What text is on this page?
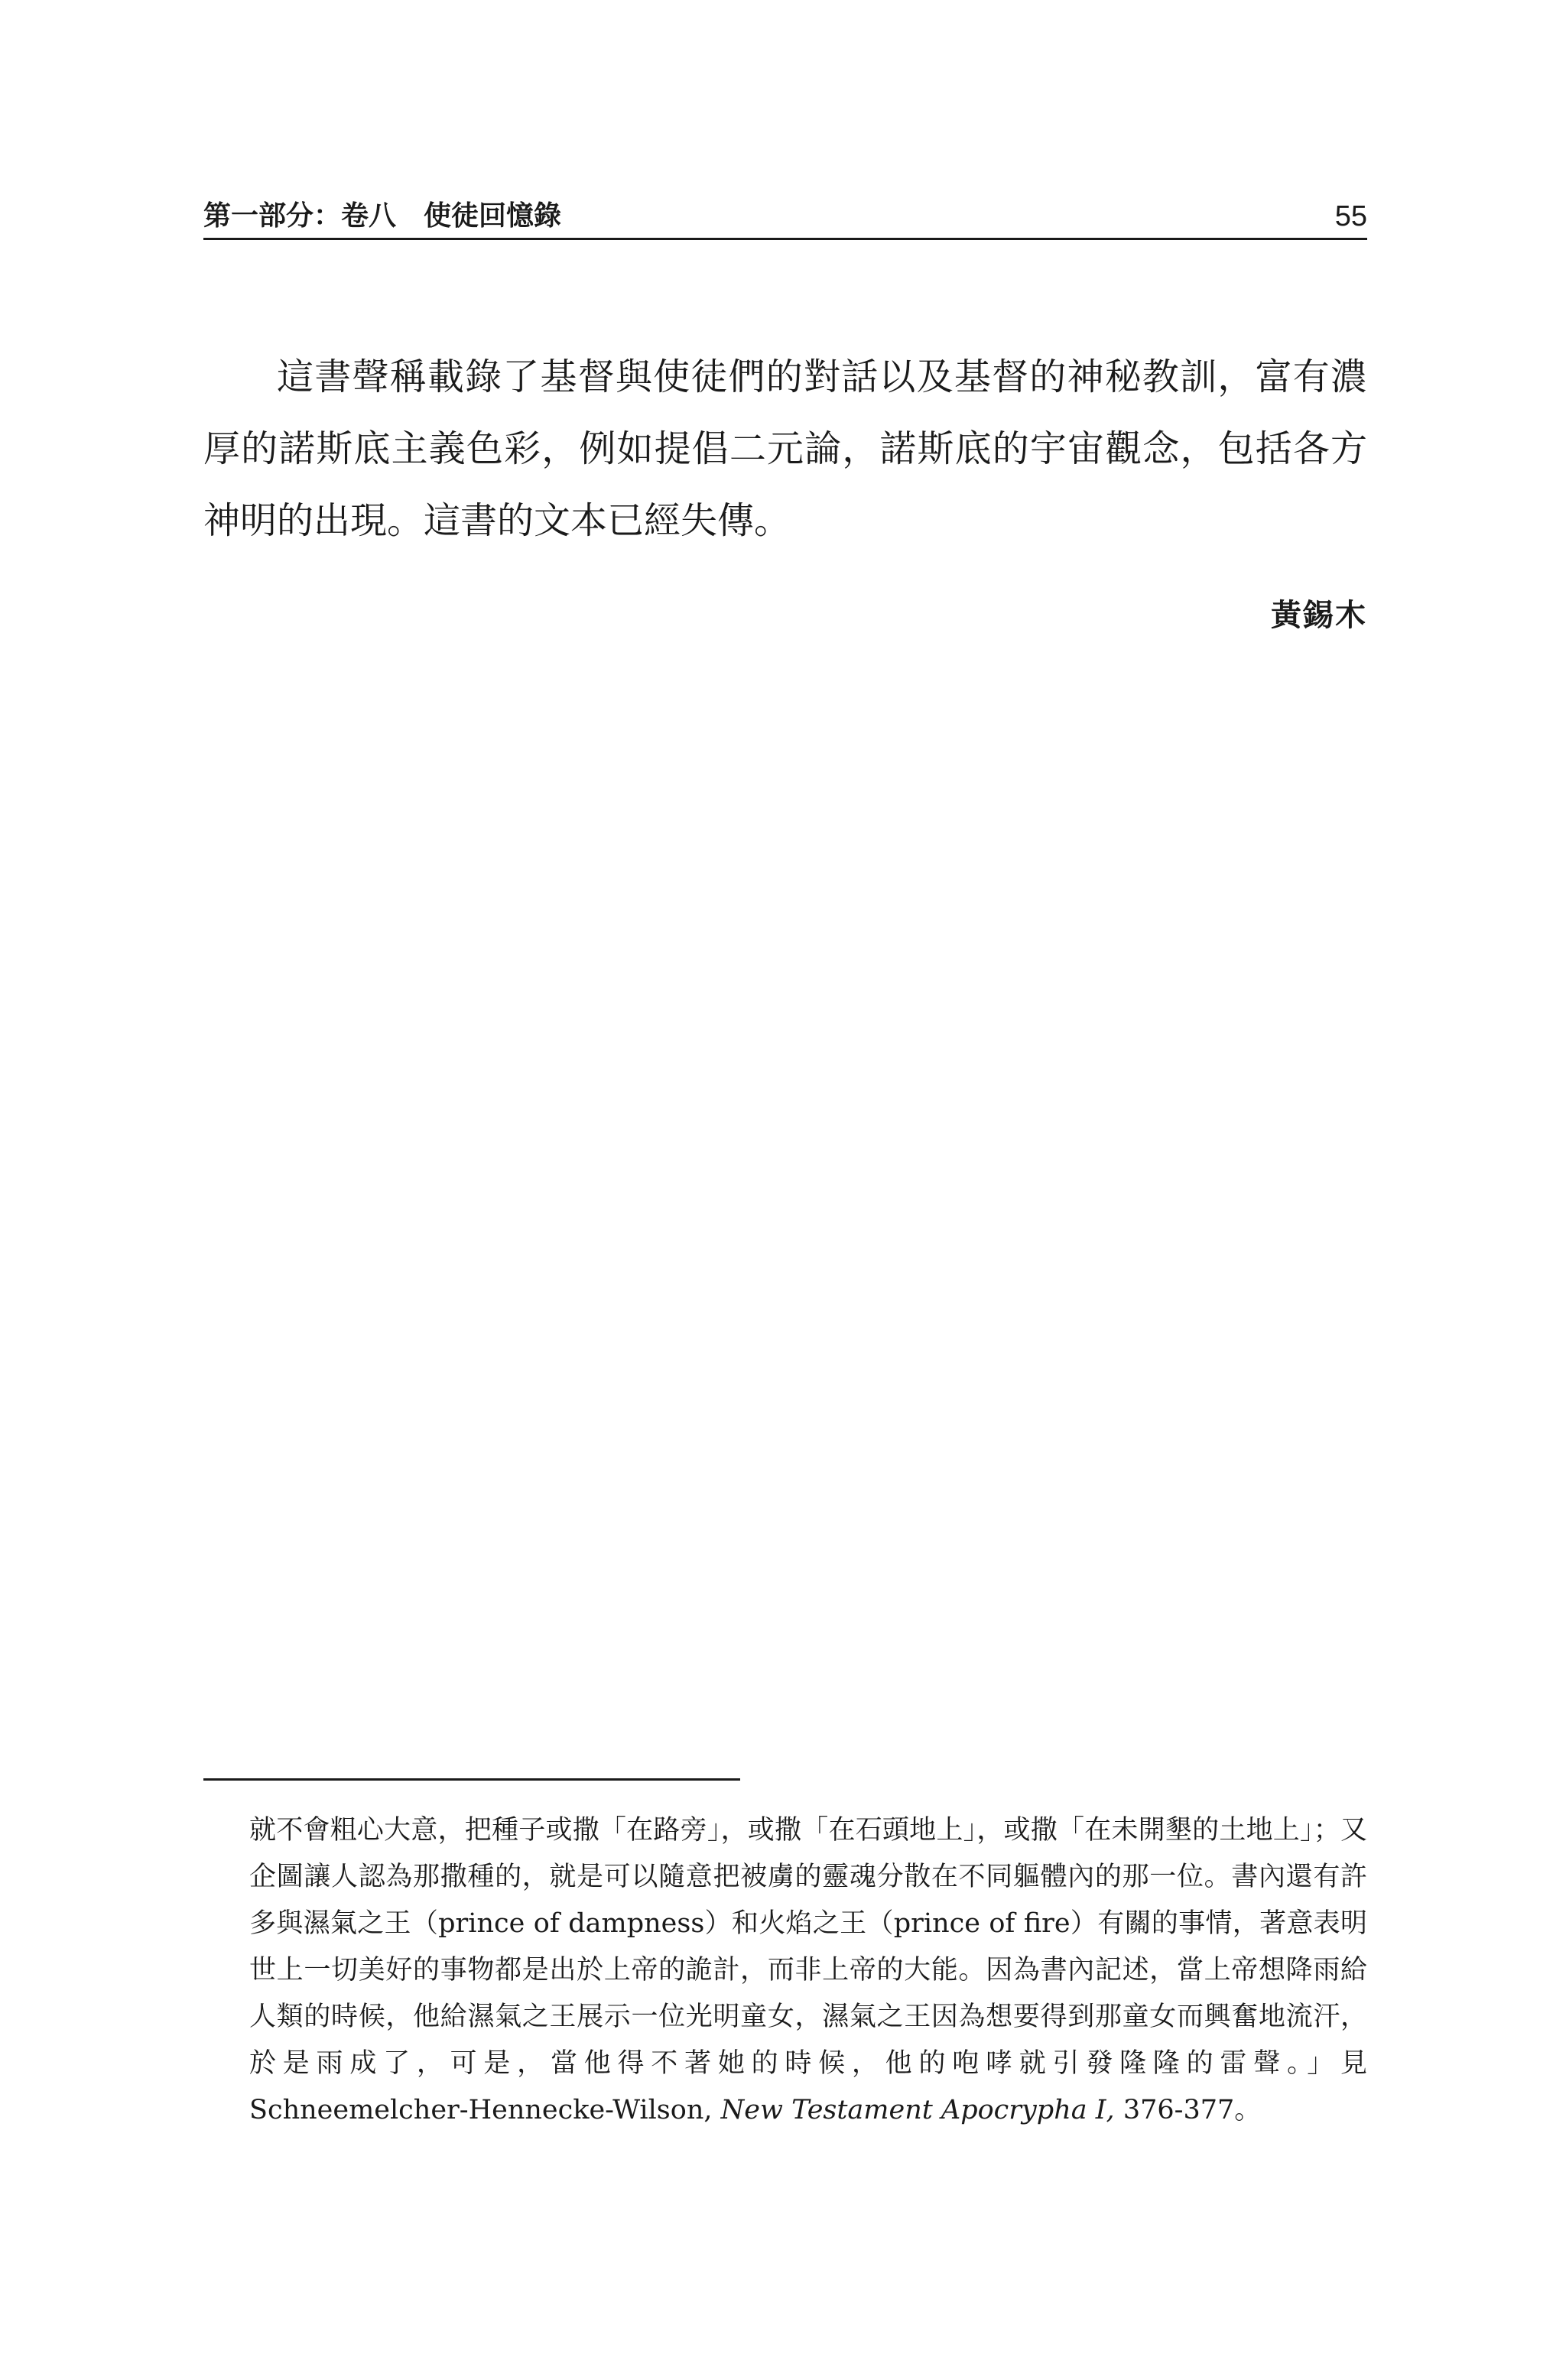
第一部分：卷八　使徒回憶錄	55

這書聲稱載錄了基督與使徒們的對話以及基督的神秘教訓，富有濃厚的諾斯底主義色彩，例如提倡二元論，諾斯底的宇宙觀念，包括各方神明的出現。這書的文本已經失傳。

黃錫木

就不會粗心大意，把種子或撒「在路旁」，或撒「在石頭地上」，或撒「在未開墾的土地上」；又企圖讓人認為那撒種的，就是可以隨意把被虜的靈魂分散在不同軀體內的那一位。書內還有許多與濕氣之王（prince of dampness）和火焰之王（prince of fire）有關的事情，著意表明世上一切美好的事物都是出於上帝的詭計，而非上帝的大能。因為書內記述，當上帝想降雨給人類的時候，他給濕氣之王展示一位光明童女，濕氣之王因為想要得到那童女而興奮地流汗，於是雨成了，可是，當他得不著她的時候，他的咆哮就引發隆隆的雷聲。」見 Schneemelcher-Hennecke-Wilson, New Testament Apocrypha I, 376-377。
